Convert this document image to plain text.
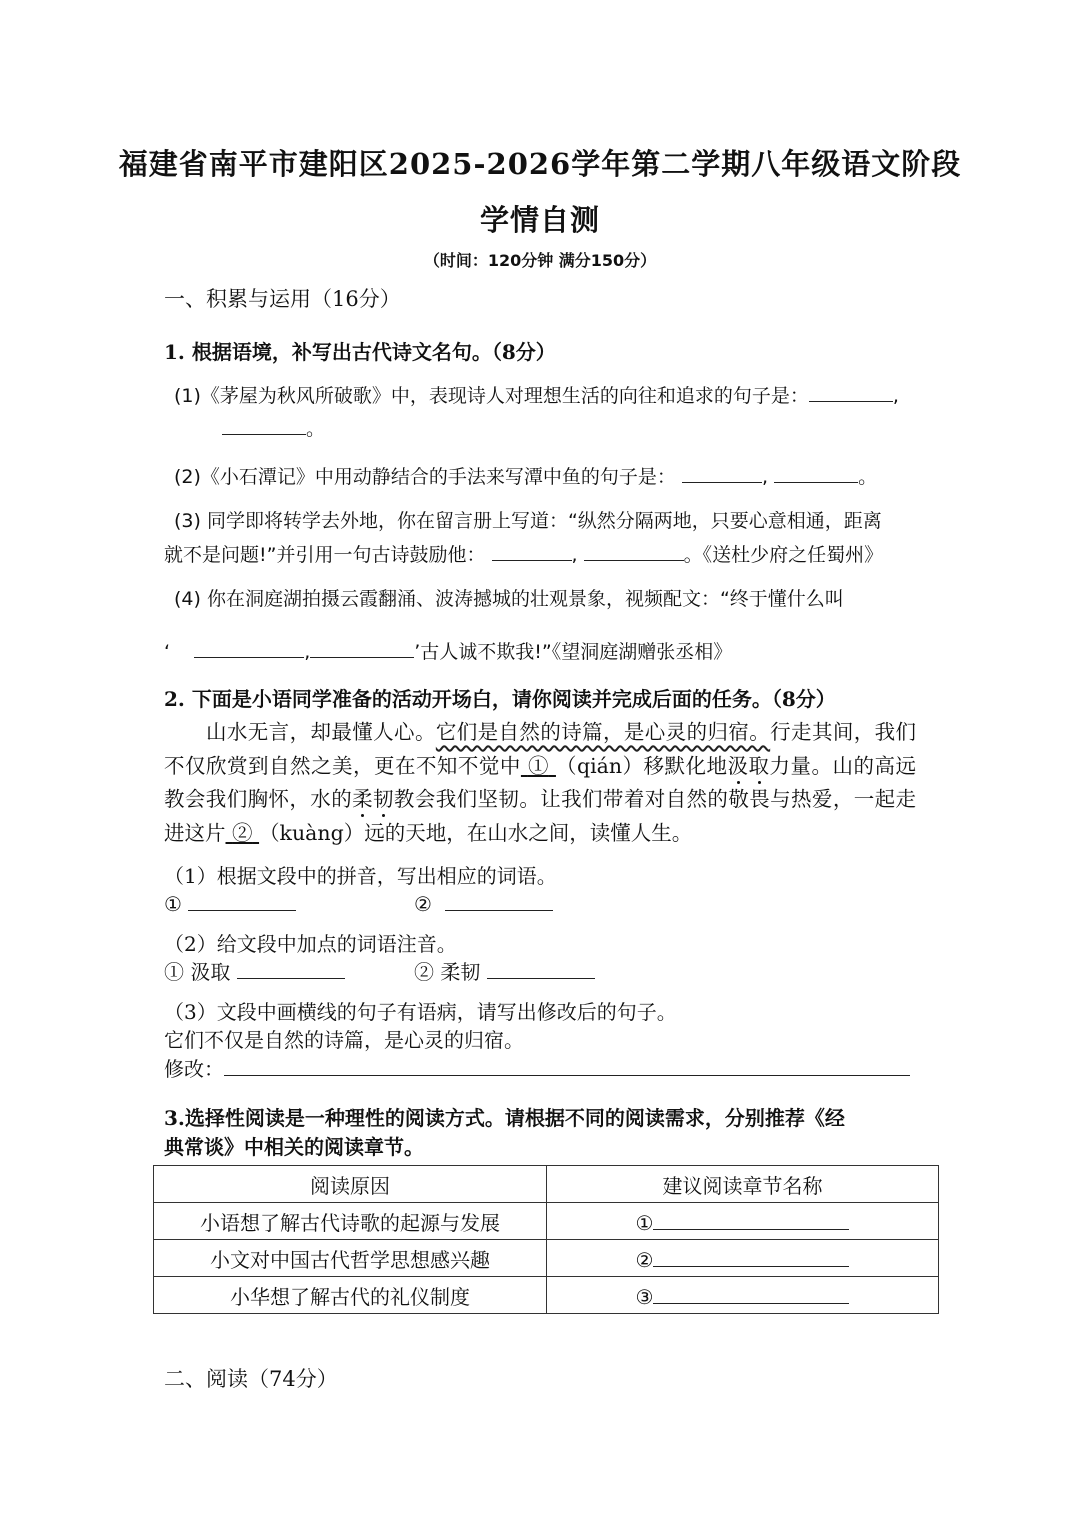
福建省南平市建阳区2025-2026学年第二学期八年级语文阶段
学情自测
（时间：120分钟 满分150分）
一、积累与运用（16分）
1. 根据语境，补写出古代诗文名句。（8分）
(1)《茅屋为秋风所破歌》中，表现诗人对理想生活的向往和追求的句子是：	,
。
(2)《小石潭记》中用动静结合的手法来写潭中鱼的句子是：	,	。
(3) 同学即将转学去外地，你在留言册上写道：“纵然分隔两地，只要心意相通，距离
就不是问题!”并引用一句古诗鼓励他：	,	。《送杜少府之任蜀州》
(4) 你在洞庭湖拍摄云霞翻涌、波涛撼城的壮观景象，视频配文：“终于懂什么叫
‘	,	’古人诚不欺我!”《望洞庭湖赠张丞相》
2. 下面是小语同学准备的活动开场白，请你阅读并完成后面的任务。（8分）
山水无言，却最懂人心。它们是自然的诗篇，是心灵的归宿。行走其间，我们不仅欣赏到自然之美，更在不知不觉中 ① （qián）移默化地汲取力量。山的高远教会我们胸怀，水的柔韧教会我们坚韧。让我们带着对自然的敬畏与热爱，一起走进这片 ② （kuàng）远的天地，在山水之间，读懂人生。
（1）根据文段中的拼音，写出相应的词语。
①	②
（2）给文段中加点的词语注音。
① 汲取	② 柔韧
（3）文段中画横线的句子有语病，请写出修改后的句子。
它们不仅是自然的诗篇，是心灵的归宿。
修改：
3.选择性阅读是一种理性的阅读方式。请根据不同的阅读需求，分别推荐《经
典常谈》中相关的阅读章节。
阅读原因	建议阅读章节名称
小语想了解古代诗歌的起源与发展	①
小文对中国古代哲学思想感兴趣	②
小华想了解古代的礼仪制度	③
二、阅读（74分）
